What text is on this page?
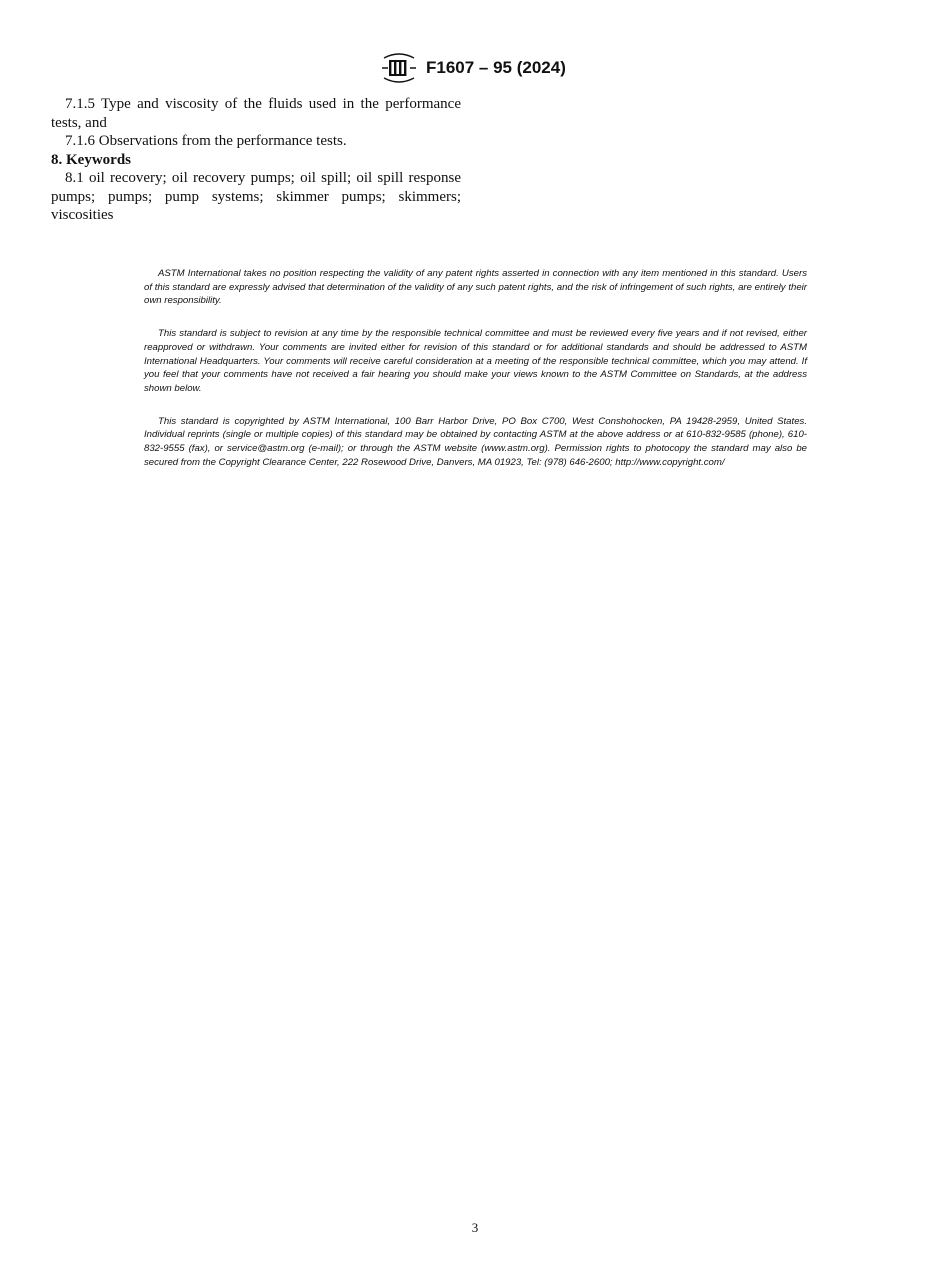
F1607 – 95 (2024)

7.1.5 Type and viscosity of the fluids used in the performance tests, and

7.1.6 Observations from the performance tests.

8. Keywords

8.1 oil recovery; oil recovery pumps; oil spill; oil spill response pumps; pumps; pump systems; skimmer pumps; skimmers; viscosities

ASTM International takes no position respecting the validity of any patent rights asserted in connection with any item mentioned in this standard. Users of this standard are expressly advised that determination of the validity of any such patent rights, and the risk of infringement of such rights, are entirely their own responsibility.

This standard is subject to revision at any time by the responsible technical committee and must be reviewed every five years and if not revised, either reapproved or withdrawn. Your comments are invited either for revision of this standard or for additional standards and should be addressed to ASTM International Headquarters. Your comments will receive careful consideration at a meeting of the responsible technical committee, which you may attend. If you feel that your comments have not received a fair hearing you should make your views known to the ASTM Committee on Standards, at the address shown below.

This standard is copyrighted by ASTM International, 100 Barr Harbor Drive, PO Box C700, West Conshohocken, PA 19428-2959, United States. Individual reprints (single or multiple copies) of this standard may be obtained by contacting ASTM at the above address or at 610-832-9585 (phone), 610-832-9555 (fax), or service@astm.org (e-mail); or through the ASTM website (www.astm.org). Permission rights to photocopy the standard may also be secured from the Copyright Clearance Center, 222 Rosewood Drive, Danvers, MA 01923, Tel: (978) 646-2600; http://www.copyright.com/

3
